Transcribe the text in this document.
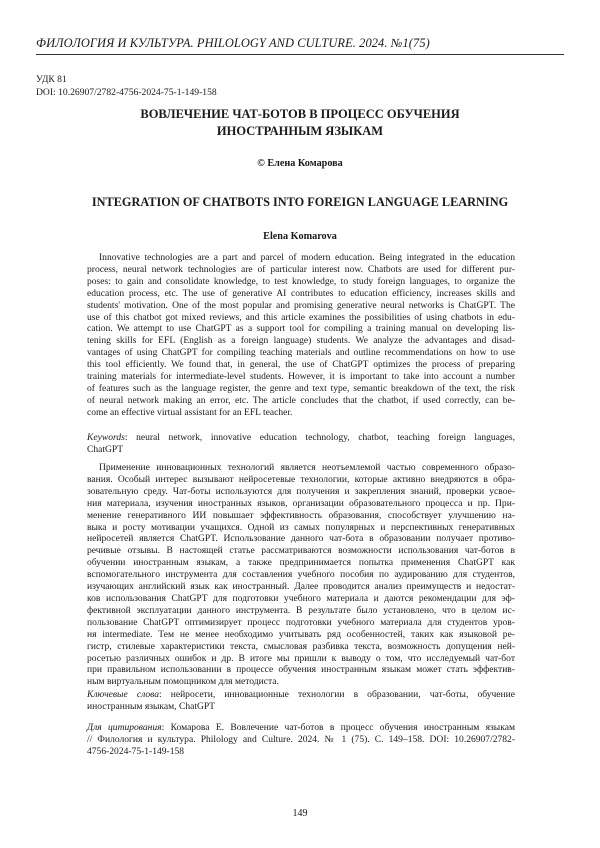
ФИЛОЛОГИЯ И КУЛЬТУРА. PHILOLOGY AND CULTURE. 2024. №1(75)
УДК 81
DOI: 10.26907/2782-4756-2024-75-1-149-158
ВОВЛЕЧЕНИЕ ЧАТ-БОТОВ В ПРОЦЕСС ОБУЧЕНИЯ
ИНОСТРАННЫМ ЯЗЫКАМ
© Елена Комарова
INTEGRATION OF CHATBOTS INTO FOREIGN LANGUAGE LEARNING
Elena Komarova
Innovative technologies are a part and parcel of modern education. Being integrated in the education
process, neural network technologies are of particular interest now. Chatbots are used for different pur-
poses: to gain and consolidate knowledge, to test knowledge, to study foreign languages, to organize the
education process, etc. The use of generative AI contributes to education efficiency, increases skills and
students' motivation. One of the most popular and promising generative neural networks is ChatGPT. The
use of this chatbot got mixed reviews, and this article examines the possibilities of using chatbots in edu-
cation. We attempt to use ChatGPT as a support tool for compiling a training manual on developing lis-
tening skills for EFL (English as a foreign language) students. We analyze the advantages and disad-
vantages of using ChatGPT for compiling teaching materials and outline recommendations on how to use
this tool efficiently. We found that, in general, the use of ChatGPT optimizes the process of preparing
training materials for intermediate-level students. However, it is important to take into account a number
of features such as the language register, the genre and text type, semantic breakdown of the text, the risk
of neural network making an error, etc. The article concludes that the chatbot, if used correctly, can be-
come an effective virtual assistant for an EFL teacher.
Keywords: neural network, innovative education technology, chatbot, teaching foreign languages,
ChatGPT
Применение инновационных технологий является неотъемлемой частью современного образо-
вания. Особый интерес вызывают нейросетевые технологии, которые активно внедряются в обра-
зовательную среду. Чат-боты используются для получения и закрепления знаний, проверки усвое-
ния материала, изучения иностранных языков, организации образовательного процесса и пр. При-
менение генеративного ИИ повышает эффективность образования, способствует улучшению на-
выка и росту мотивации учащихся. Одной из самых популярных и перспективных генеративных
нейросетей является ChatGPT. Использование данного чат-бота в образовании получает противо-
речивые отзывы. В настоящей статье рассматриваются возможности использования чат-ботов в
обучении иностранным языкам, а также предпринимается попытка применения ChatGPT как
вспомогательного инструмента для составления учебного пособия по аудированию для студентов,
изучающих английский язык как иностранный. Далее проводится анализ преимуществ и недостат-
ков использования ChatGPT для подготовки учебного материала и даются рекомендации для эф-
фективной эксплуатации данного инструмента. В результате было установлено, что в целом ис-
пользование ChatGPT оптимизирует процесс подготовки учебного материала для студентов уров-
ня intermediate. Тем не менее необходимо учитывать ряд особенностей, таких как языковой ре-
гистр, стилевые характеристики текста, смысловая разбивка текста, возможность допущения ней-
росетью различных ошибок и др. В итоге мы пришли к выводу о том, что исследуемый чат-бот
при правильном использовании в процессе обучения иностранным языкам может стать эффектив-
ным виртуальным помощником для методиста.
Ключевые слова: нейросети, инновационные технологии в образовании, чат-боты, обучение
иностранным языкам, ChatGPT
Для цитирования: Комарова Е. Вовлечение чат-ботов в процесс обучения иностранным языкам
// Филология и культура. Philology and Culture. 2024. № 1 (75). С. 149–158. DOI: 10.26907/2782-
4756-2024-75-1-149-158
149
